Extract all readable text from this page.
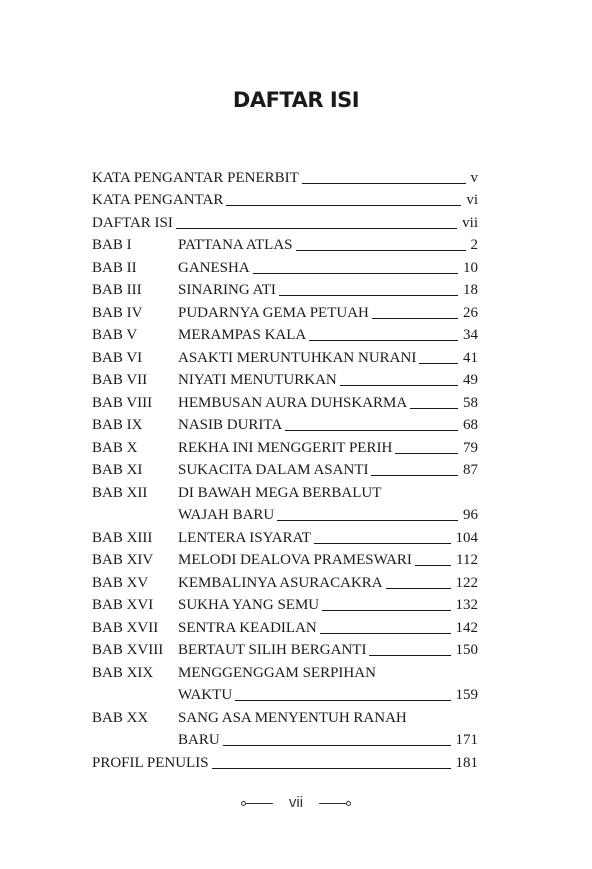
DAFTAR ISI
KATA PENGANTAR PENERBIT	v
KATA PENGANTAR	vi
DAFTAR ISI	vii
BAB I	PATTANA ATLAS	2
BAB II	GANESHA	10
BAB III SINARING ATI	18
BAB IV PUDARNYA GEMA PETUAH	26
BAB V	MERAMPAS KALA	34
BAB VI ASAKTI MERUNTUHKAN NURANI	41
BAB VII NIYATI MENUTURKAN	49
BAB VIII HEMBUSAN AURA DUHSKARMA	58
BAB IX NASIB DURITA	68
BAB X	REKHA INI MENGGERIT PERIH	79
BAB XI SUKACITA DALAM ASANTI	87
BAB XII DI BAWAH MEGA BERBALUT
WAJAH BARU	96
BAB XIII LENTERA ISYARAT	104
BAB XIV MELODI DEALOVA PRAMESWARI	112
BAB XV KEMBALINYA ASURACAKRA	122
BAB XVI SUKHA YANG SEMU	132
BAB XVII SENTRA KEADILAN	142
BAB XVIII BERTAUT SILIH BERGANTI	150
BAB XIX MENGGENGGAM SERPIHAN
WAKTU	159
BAB XX SANG ASA MENYENTUH RANAH
BARU	171
PROFIL PENULIS	181
vii
